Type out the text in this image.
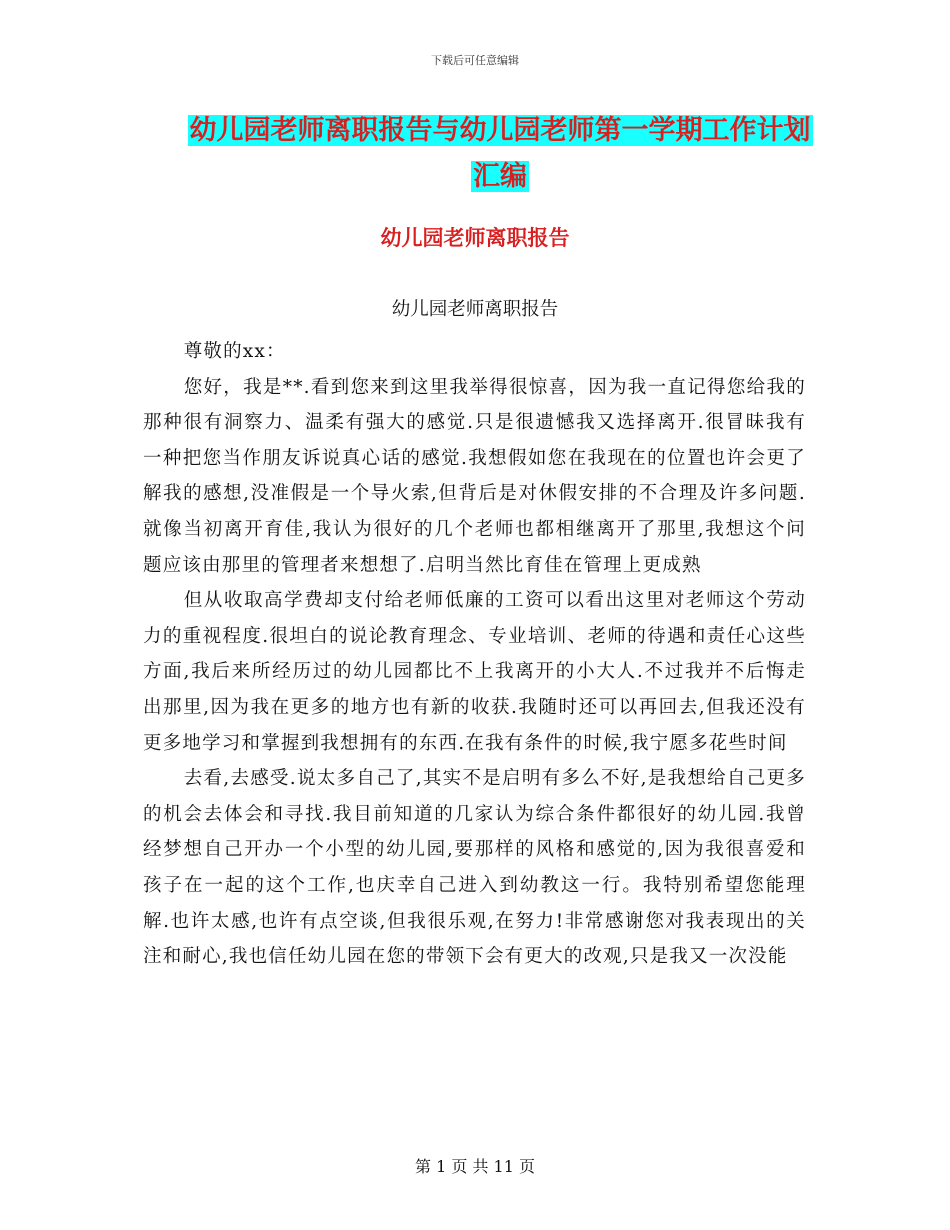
下载后可任意编辑
幼儿园老师离职报告与幼儿园老师第一学期工作计划
汇编
幼儿园老师离职报告
幼儿园老师离职报告

尊敬的xx：

您好，我是**.看到您来到这里我举得很惊喜，因为我一直记得您给我的那种很有洞察力、温柔有强大的感觉.只是很遗憾我又选择离开.很冒昧我有一种把您当作朋友诉说真心话的感觉.我想假如您在我现在的位置也许会更了解我的感想,没准假是一个导火索,但背后是对休假安排的不合理及许多问题.就像当初离开育佳,我认为很好的几个老师也都相继离开了那里,我想这个问题应该由那里的管理者来想想了.启明当然比育佳在管理上更成熟

但从收取高学费却支付给老师低廉的工资可以看出这里对老师这个劳动力的重视程度.很坦白的说论教育理念、专业培训、老师的待遇和责任心这些方面,我后来所经历过的幼儿园都比不上我离开的小大人.不过我并不后悔走出那里,因为我在更多的地方也有新的收获.我随时还可以再回去,但我还没有更多地学习和掌握到我想拥有的东西.在我有条件的时候,我宁愿多花些时间

去看,去感受.说太多自己了,其实不是启明有多么不好,是我想给自己更多的机会去体会和寻找.我目前知道的几家认为综合条件都很好的幼儿园.我曾经梦想自己开办一个小型的幼儿园,要那样的风格和感觉的,因为我很喜爱和孩子在一起的这个工作,也庆幸自己进入到幼教这一行。我特别希望您能理解.也许太感,也许有点空谈,但我很乐观,在努力!非常感谢您对我表现出的关注和耐心,我也信任幼儿园在您的带领下会有更大的改观,只是我又一次没能

第 1 页 共 11 页
